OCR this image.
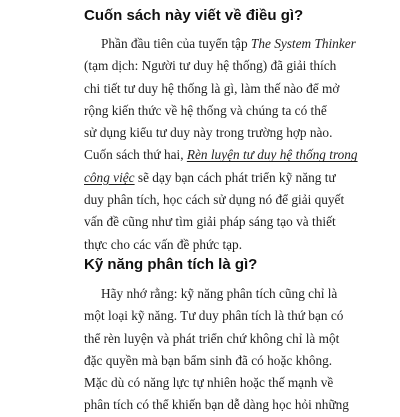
Cuốn sách này viết về điều gì?
Phần đầu tiên của tuyển tập The System Thinker
(tạm dịch: Người tư duy hệ thống) đã giải thích
chi tiết tư duy hệ thống là gì, làm thế nào để mở
rộng kiến thức về hệ thống và chúng ta có thể
sử dụng kiểu tư duy này trong trường hợp nào.
Cuốn sách thứ hai, Rèn luyện tư duy hệ thống trong
công việc sẽ dạy bạn cách phát triển kỹ năng tư
duy phân tích, học cách sử dụng nó để giải quyết
vấn đề cũng như tìm giải pháp sáng tạo và thiết
thực cho các vấn đề phức tạp.
Kỹ năng phân tích là gì?
Hãy nhớ rằng: kỹ năng phân tích cũng chỉ là
một loại kỹ năng. Tư duy phân tích là thứ bạn có
thể rèn luyện và phát triển chứ không chỉ là một
đặc quyền mà bạn bẩm sinh đã có hoặc không.
Mặc dù có năng lực tự nhiên hoặc thế mạnh về
phân tích có thể khiến bạn dễ dàng học hỏi những
